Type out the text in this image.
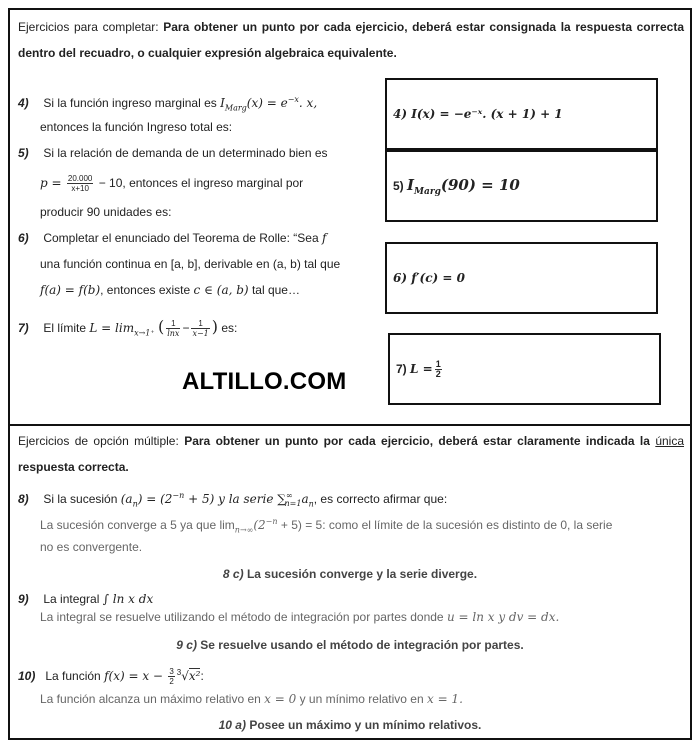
Ejercicios para completar: Para obtener un punto por cada ejercicio, deberá estar consignada la respuesta correcta dentro del recuadro, o cualquier expresión algebraica equivalente.
4) Si la función ingreso marginal es $I_{Marg}(x) = e^{-x}$. x,
entonces la función Ingreso total es:
5) Si la relación de demanda de un determinado bien es
$p = \frac{20.000}{x+10} - 10$, entonces el ingreso marginal por
producir 90 unidades es:
6) Completar el enunciado del Teorema de Rolle: “Sea f
una función continua en [a, b], derivable en (a, b) tal que
f(a) = f(b), entonces existe c ∈ (a, b) tal que…
7) El límite $L = \lim_{x\to 1^+}$ ( $\frac{1}{\ln x} - \frac{1}{x-1}$ ) es:
4) I(x) = −e⁻ˣ. (x + 1) + 1
5)
$I_{Marg}(90) = 10$
6) f′(c) = 0
7)
$L = \frac{1}{2}$
ALTILLO.COM
Ejercicios de opción múltiple: Para obtener un punto por cada ejercicio, deberá estar claramente indicada la única respuesta correcta.
8) Si la sucesión $(a_n) = (2^{-n} + 5)$ y la serie $\sum^\infty_{n=1}a_n$, es correcto afirmar que:
La sucesión converge a 5 ya que $\lim_{n\to\infty}(2^{-n} + 5) = 5$: como el límite de la sucesión es distinto de 0, la serie
no es convergente.
8 c) La sucesión converge y la serie diverge.
9) La integral ∫ ln x dx
La integral se resuelve utilizando el método de integración por partes donde u = ln x y dv = dx.
9 c) Se resuelve usando el método de integración por partes.
10) La función $f(x) = x - \frac{3}{2} ^3√x^2$:
La función alcanza un máximo relativo en x = 0 y un mínimo relativo en x = 1.
10 a) Posee un máximo y un mínimo relativos.
